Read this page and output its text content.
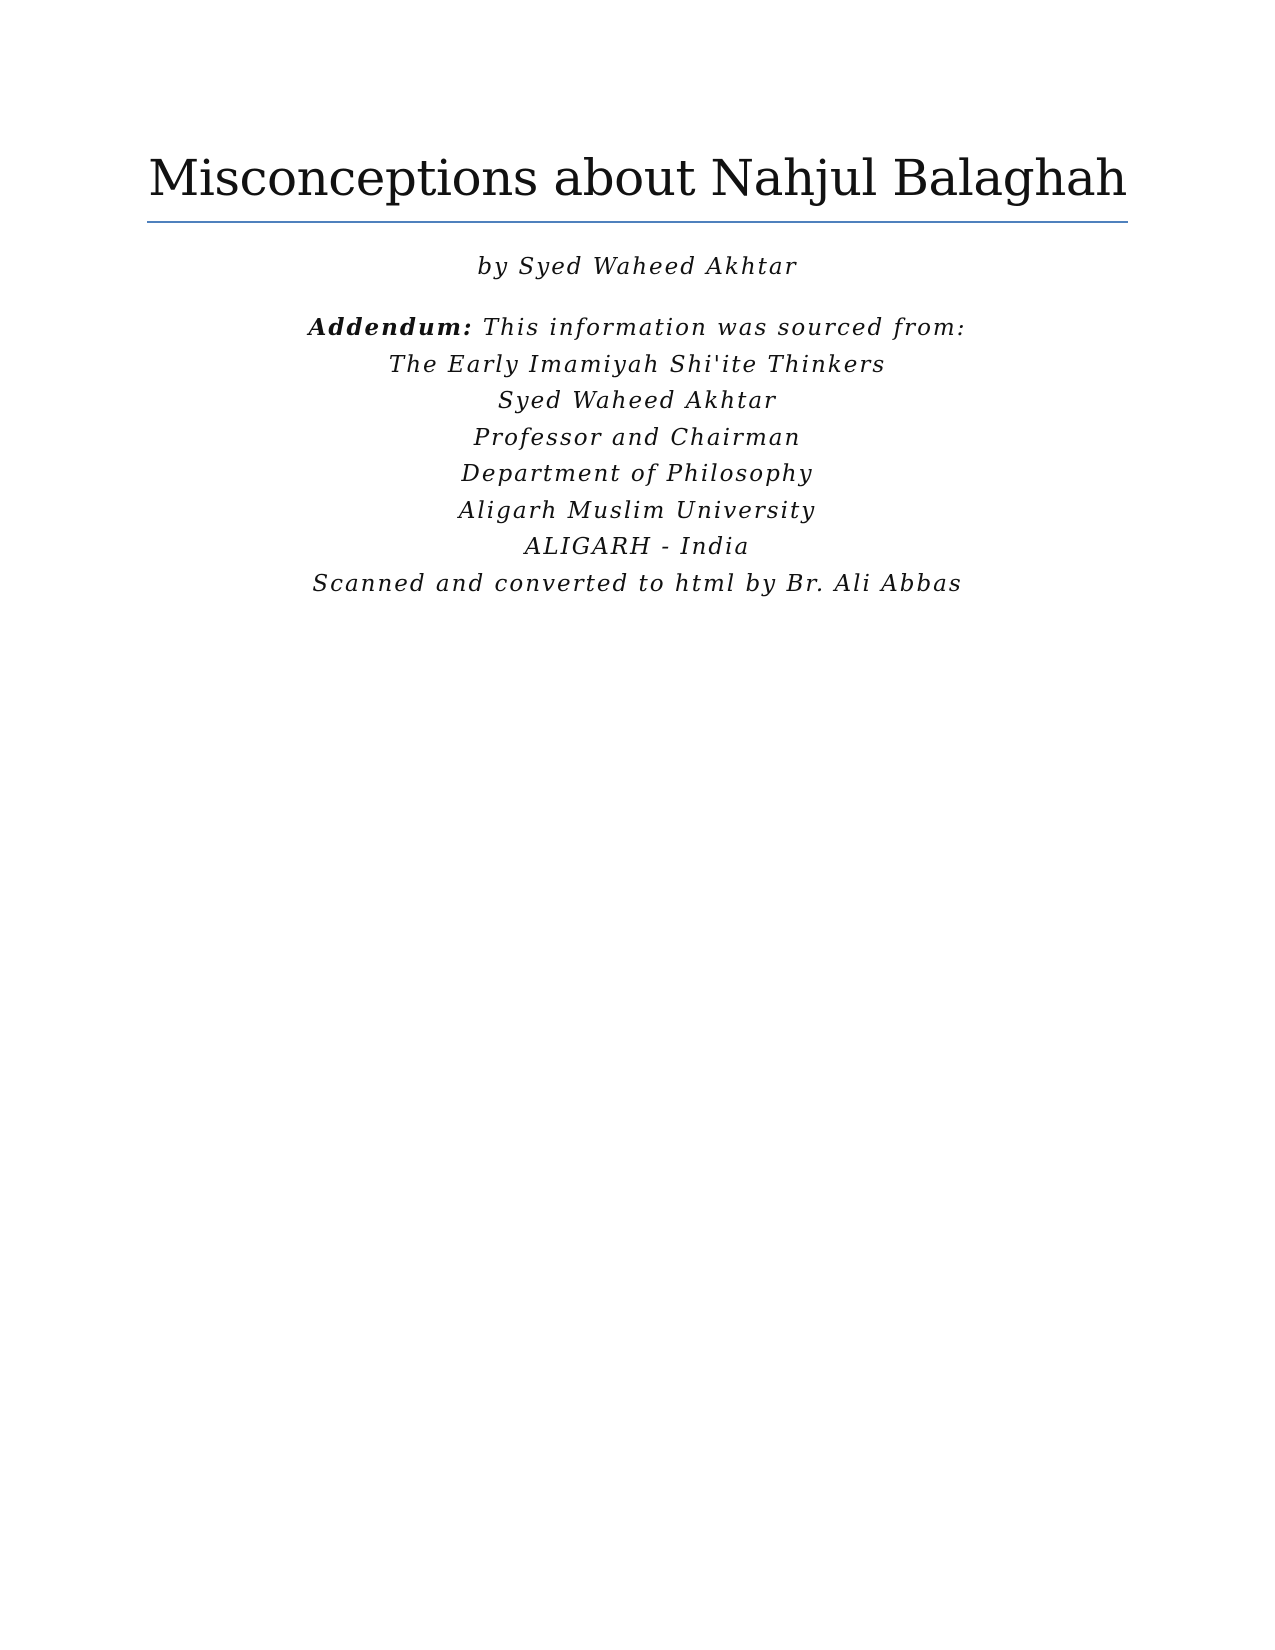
Misconceptions about Nahjul Balaghah
by Syed Waheed Akhtar
Addendum: This information was sourced from:
The Early Imamiyah Shi'ite Thinkers
Syed Waheed Akhtar
Professor and Chairman
Department of Philosophy
Aligarh Muslim University
ALIGARH - India
Scanned and converted to html by Br. Ali Abbas
